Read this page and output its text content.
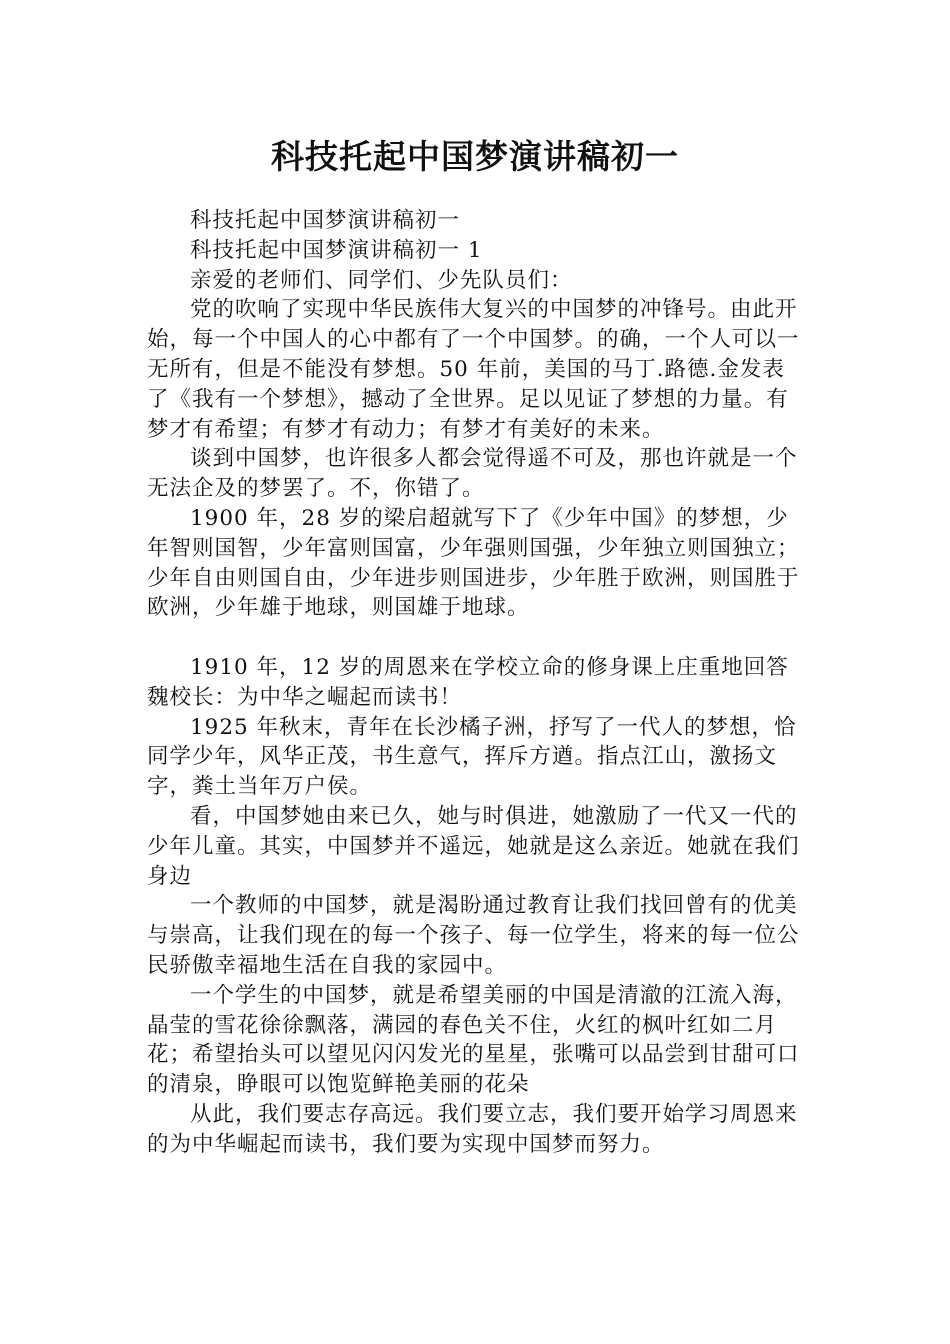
科技托起中国梦演讲稿初一

科技托起中国梦演讲稿初一

科技托起中国梦演讲稿初一 1

亲爱的老师们、同学们、少先队员们：

党的吹响了实现中华民族伟大复兴的中国梦的冲锋号。由此开始，每一个中国人的心中都有了一个中国梦。的确，一个人可以一无所有，但是不能没有梦想。50 年前，美国的马丁.路德.金发表了《我有一个梦想》，撼动了全世界。足以见证了梦想的力量。有梦才有希望；有梦才有动力；有梦才有美好的未来。

谈到中国梦，也许很多人都会觉得遥不可及，那也许就是一个无法企及的梦罢了。不，你错了。

1900 年，28 岁的梁启超就写下了《少年中国》的梦想，少年智则国智，少年富则国富，少年强则国强，少年独立则国独立；少年自由则国自由，少年进步则国进步，少年胜于欧洲，则国胜于欧洲，少年雄于地球，则国雄于地球。

1910 年，12 岁的周恩来在学校立命的修身课上庄重地回答魏校长：为中华之崛起而读书！

1925 年秋末，青年在长沙橘子洲，抒写了一代人的梦想，恰同学少年，风华正茂，书生意气，挥斥方遒。指点江山，激扬文字，粪土当年万户侯。

看，中国梦她由来已久，她与时俱进，她激励了一代又一代的少年儿童。其实，中国梦并不遥远，她就是这么亲近。她就在我们身边

一个教师的中国梦，就是渴盼通过教育让我们找回曾有的优美与崇高，让我们现在的每一个孩子、每一位学生，将来的每一位公民骄傲幸福地生活在自我的家园中。

一个学生的中国梦，就是希望美丽的中国是清澈的江流入海，晶莹的雪花徐徐飘落，满园的春色关不住，火红的枫叶红如二月花；希望抬头可以望见闪闪发光的星星，张嘴可以品尝到甘甜可口的清泉，睁眼可以饱览鲜艳美丽的花朵

从此，我们要志存高远。我们要立志，我们要开始学习周恩来的为中华崛起而读书，我们要为实现中国梦而努力。
